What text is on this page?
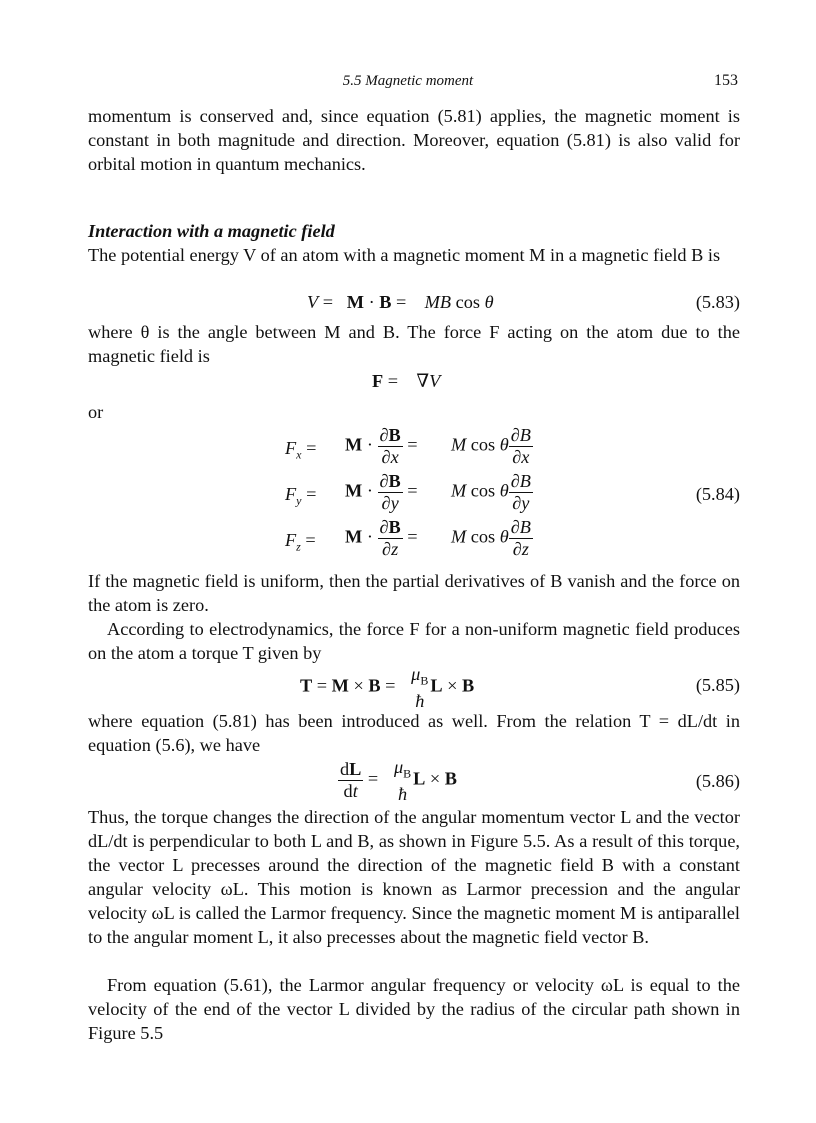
5.5 Magnetic moment	153

momentum is conserved and, since equation (5.81) applies, the magnetic moment is constant in both magnitude and direction. Moreover, equation (5.81) is also valid for orbital motion in quantum mechanics.

Interaction with a magnetic field

The potential energy V of an atom with a magnetic moment M in a magnetic field B is

V =   M · B =    MB cos θ	(5.83)

where θ is the angle between M and B. The force F acting on the atom due to the magnetic field is

F =    ∇V

or

$F_x = M \cdot \frac{\partial B}{\partial x} = M$ cos θ $\frac{\partial B}{\partial x}$
$F_y = M \cdot \frac{\partial B}{\partial y} = M$ cos θ $\frac{\partial B}{\partial y}$
$F_z = M \cdot \frac{\partial B}{\partial z} = M$ cos θ $\frac{\partial B}{\partial z}$
(5.84)

If the magnetic field is uniform, then the partial derivatives of B vanish and the force on the atom is zero.

According to electrodynamics, the force F for a non-uniform magnetic field produces on the atom a torque T given by

T = M × B =
$\mu_B$
ħ
L × B	(5.85)

where equation (5.81) has been introduced as well. From the relation T = dL/dt in equation (5.6), we have

$\frac{dL}{dt}$ =
$\mu_B$
ħ
L × B	(5.86)

Thus, the torque changes the direction of the angular momentum vector L and the vector dL/dt is perpendicular to both L and B, as shown in Figure 5.5. As a result of this torque, the vector L precesses around the direction of the magnetic field B with a constant angular velocity ωL. This motion is known as Larmor precession and the angular velocity ωL is called the Larmor frequency. Since the magnetic moment M is antiparallel to the angular moment L, it also precesses about the magnetic field vector B.

From equation (5.61), the Larmor angular frequency or velocity ωL is equal to the velocity of the end of the vector L divided by the radius of the circular path shown in Figure 5.5
